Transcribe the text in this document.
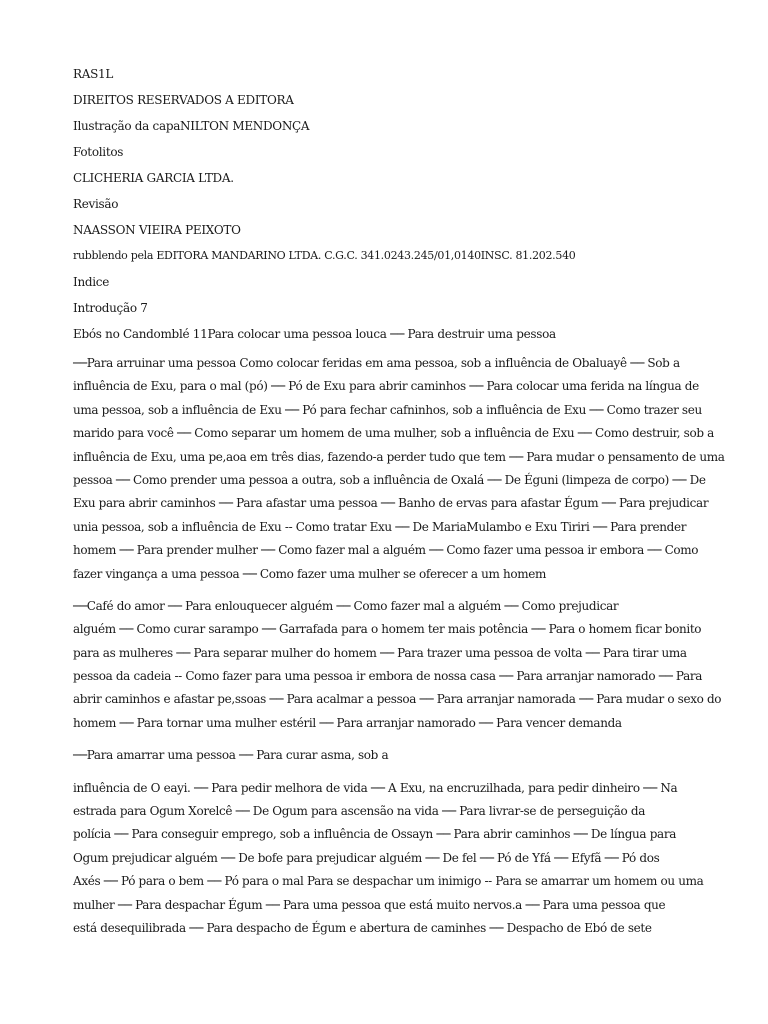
RAS1L
DIREITOS RESERVADOS A EDITORA
Ilustração da capaNILTON MENDONÇA
Fotolitos
CLICHERIA GARCIA LTDA.
Revisão
NAASSON VIEIRA PEIXOTO
rubblendo pela EDITORA MANDARINO LTDA. C.G.C. 341.0243.245/01,0140INSC. 81.202.540
Indice
Introdução 7
Ebós no Candomblé 11Para colocar uma pessoa louca ── Para destruir uma pessoa
──Para arruinar uma pessoa Como colocar feridas em ama pessoa, sob a influência de Obaluayê ── Sob a
influência de Exu, para o mal (pó) ── Pó de Exu para abrir caminhos ── Para colocar uma ferida na língua de
uma pessoa, sob a influência de Exu ── Pó para fechar cafninhos, sob a influência de Exu ── Como trazer seu
marido para você ── Como separar um homem de uma mulher, sob a influência de Exu ── Como destruir, sob a
influência de Exu, uma pe,aoa em três dias, fazendo-a perder tudo que tem ── Para mudar o pensamento de uma
pessoa ── Como prender uma pessoa a outra, sob a influência de Oxalá ── De Éguni (limpeza de corpo) ── De
Exu para abrir caminhos ── Para afastar uma pessoa ── Banho de ervas para afastar Égum ── Para prejudicar
unia pessoa, sob a influência de Exu -- Como tratar Exu ── De MariaMulambo e Exu Tiriri ── Para prender
homem ── Para prender mulher ── Como fazer mal a alguém ── Como fazer uma pessoa ir embora ── Como
fazer vingança a uma pessoa ── Como fazer uma mulher se oferecer a um homem
──Café do amor ── Para enlouquecer alguém ── Como fazer mal a alguém ── Como prejudicar
alguém ── Como curar sarampo ── Garrafada para o homem ter mais potência ── Para o homem ficar bonito
para as mulheres ── Para separar mulher do homem ── Para trazer uma pessoa de volta ── Para tirar uma
pessoa da cadeia -- Como fazer para uma pessoa ir embora de nossa casa ── Para arranjar namorado ── Para
abrir caminhos e afastar pe,ssoas ── Para acalmar a pessoa ── Para arranjar namorada ── Para mudar o sexo do
homem ── Para tornar uma mulher estéril ── Para arranjar namorado ── Para vencer demanda
──Para amarrar uma pessoa ── Para curar asma, sob a
influência de O eayi. ── Para pedir melhora de vida ── A Exu, na encruzilhada, para pedir dinheiro ── Na
estrada para Ogum Xorelcê ── De Ogum para ascensão na vida ── Para livrar-se de perseguição da
polícia ── Para conseguir emprego, sob a influência de Ossayn ── Para abrir caminhos ── De língua para
Ogum prejudicar alguém ── De bofe para prejudicar alguém ── De fel ── Pó de Yfá ── Efyfã ── Pó dos
Axés ── Pó para o bem ── Pó para o mal Para se despachar um inimigo -- Para se amarrar um homem ou uma
mulher ── Para despachar Égum ── Para uma pessoa que está muito nervos.a ── Para uma pessoa que
está desequilibrada ── Para despacho de Égum e abertura de caminhes ── Despacho de Ebó de sete
